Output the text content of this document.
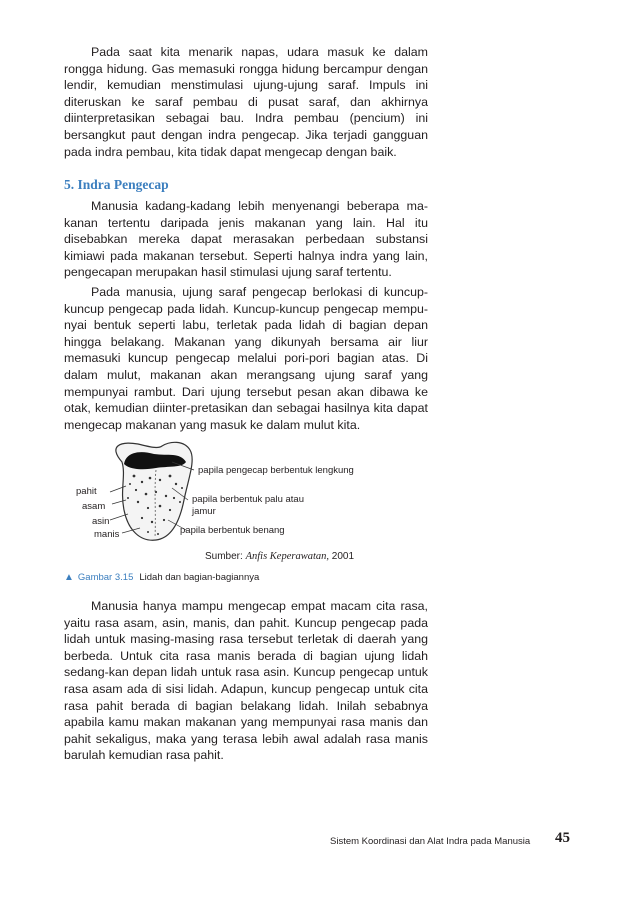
Pada saat kita menarik napas, udara masuk ke dalam rongga hidung. Gas memasuki rongga hidung bercampur dengan lendir, kemudian menstimulasi ujung-ujung saraf. Impuls ini diteruskan ke saraf pembau di pusat saraf, dan akhirnya diinterpretasikan sebagai bau. Indra pembau (pencium) ini bersangkut paut dengan indra pengecap. Jika terjadi gangguan pada indra pembau, kita tidak dapat mengecap dengan baik.

5. Indra Pengecap

Manusia kadang-kadang lebih menyenangi beberapa ma-kanan tertentu daripada jenis makanan yang lain. Hal itu disebabkan mereka dapat merasakan perbedaan substansi kimiawi pada makanan tersebut. Seperti halnya indra yang lain, pengecapan merupakan hasil stimulasi ujung saraf tertentu.

Pada manusia, ujung saraf pengecap berlokasi di kuncup-kuncup pengecap pada lidah. Kuncup-kuncup pengecap mempu-nyai bentuk seperti labu, terletak pada lidah di bagian depan hingga belakang. Makanan yang dikunyah bersama air liur memasuki kuncup pengecap melalui pori-pori bagian atas. Di dalam mulut, makanan akan merangsang ujung saraf yang mempunyai rambut. Dari ujung tersebut pesan akan dibawa ke otak, kemudian diinter-pretasikan dan sebagai hasilnya kita dapat mengecap makanan yang masuk ke dalam mulut kita.

pahit
asam
asin
manis
papila pengecap berbentuk lengkung
papila berbentuk palu atau
jamur
papila berbentuk benang
Sumber: Anfis Keperawatan, 2001
▲ Gambar 3.15 Lidah dan bagian-bagiannya

Manusia hanya mampu mengecap empat macam cita rasa, yaitu rasa asam, asin, manis, dan pahit. Kuncup pengecap pada lidah untuk masing-masing rasa tersebut terletak di daerah yang berbeda. Untuk cita rasa manis berada di bagian ujung lidah sedang-kan depan lidah untuk rasa asin. Kuncup pengecap untuk rasa asam ada di sisi lidah. Adapun, kuncup pengecap untuk cita rasa pahit berada di bagian belakang lidah. Inilah sebabnya apabila kamu makan makanan yang mempunyai rasa manis dan pahit sekaligus, maka yang terasa lebih awal adalah rasa manis barulah kemudian rasa pahit.

Sistem Koordinasi dan Alat Indra pada Manusia 45
